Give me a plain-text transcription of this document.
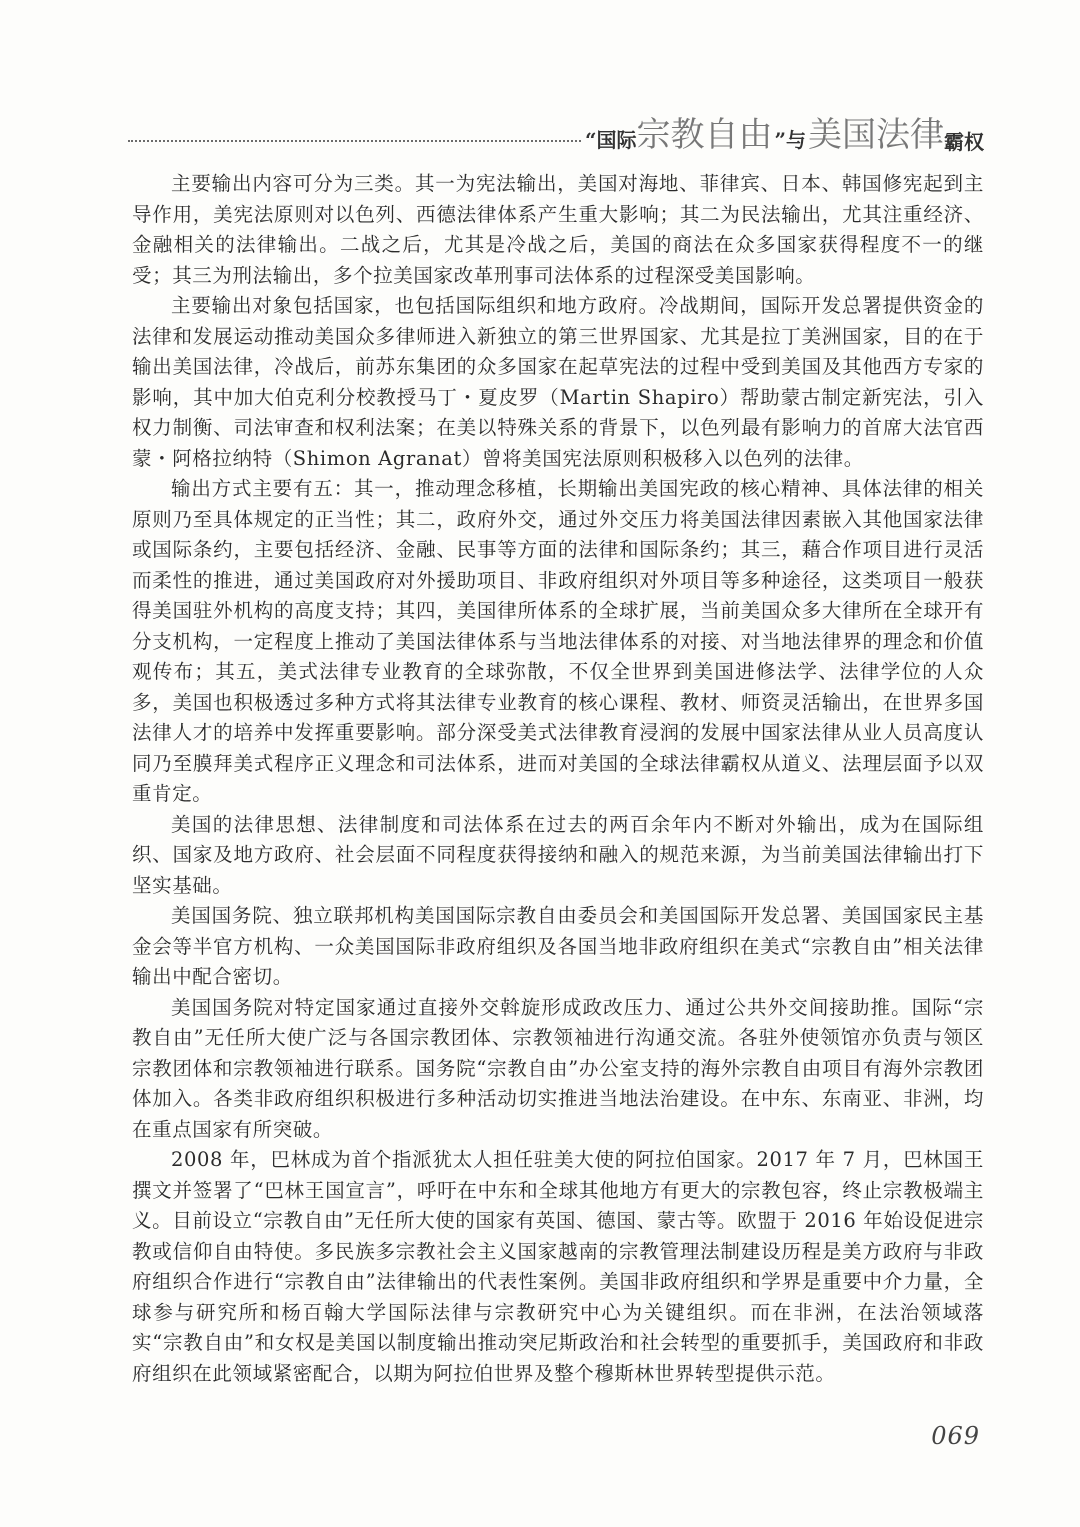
“国际 宗教自由 ”与 美国法律 霸权

主要输出内容可分为三类。其一为宪法输出，美国对海地、菲律宾、日本、韩国修宪起到主导作用，美宪法原则对以色列、西德法律体系产生重大影响；其二为民法输出，尤其注重经济、金融相关的法律输出。二战之后，尤其是冷战之后，美国的商法在众多国家获得程度不一的继受；其三为刑法输出，多个拉美国家改革刑事司法体系的过程深受美国影响。

主要输出对象包括国家，也包括国际组织和地方政府。冷战期间，国际开发总署提供资金的法律和发展运动推动美国众多律师进入新独立的第三世界国家、尤其是拉丁美洲国家，目的在于输出美国法律，冷战后，前苏东集团的众多国家在起草宪法的过程中受到美国及其他西方专家的影响，其中加大伯克利分校教授马丁・夏皮罗（Martin Shapiro）帮助蒙古制定新宪法，引入权力制衡、司法审查和权利法案；在美以特殊关系的背景下，以色列最有影响力的首席大法官西蒙・阿格拉纳特（Shimon Agranat）曾将美国宪法原则积极移入以色列的法律。

输出方式主要有五：其一，推动理念移植，长期输出美国宪政的核心精神、具体法律的相关原则乃至具体规定的正当性；其二，政府外交，通过外交压力将美国法律因素嵌入其他国家法律或国际条约，主要包括经济、金融、民事等方面的法律和国际条约；其三，藉合作项目进行灵活而柔性的推进，通过美国政府对外援助项目、非政府组织对外项目等多种途径，这类项目一般获得美国驻外机构的高度支持；其四，美国律所体系的全球扩展，当前美国众多大律所在全球开有分支机构，一定程度上推动了美国法律体系与当地法律体系的对接、对当地法律界的理念和价值观传布；其五，美式法律专业教育的全球弥散，不仅全世界到美国进修法学、法律学位的人众多，美国也积极透过多种方式将其法律专业教育的核心课程、教材、师资灵活输出，在世界多国法律人才的培养中发挥重要影响。部分深受美式法律教育浸润的发展中国家法律从业人员高度认同乃至膜拜美式程序正义理念和司法体系，进而对美国的全球法律霸权从道义、法理层面予以双重肯定。

美国的法律思想、法律制度和司法体系在过去的两百余年内不断对外输出，成为在国际组织、国家及地方政府、社会层面不同程度获得接纳和融入的规范来源，为当前美国法律输出打下坚实基础。

美国国务院、独立联邦机构美国国际宗教自由委员会和美国国际开发总署、美国国家民主基金会等半官方机构、一众美国国际非政府组织及各国当地非政府组织在美式“宗教自由”相关法律输出中配合密切。

美国国务院对特定国家通过直接外交斡旋形成政改压力、通过公共外交间接助推。国际“宗教自由”无任所大使广泛与各国宗教团体、宗教领袖进行沟通交流。各驻外使领馆亦负责与领区宗教团体和宗教领袖进行联系。国务院“宗教自由”办公室支持的海外宗教自由项目有海外宗教团体加入。各类非政府组织积极进行多种活动切实推进当地法治建设。在中东、东南亚、非洲，均在重点国家有所突破。

2008 年，巴林成为首个指派犹太人担任驻美大使的阿拉伯国家。2017 年 7 月，巴林国王撰文并签署了“巴林王国宣言”，呼吁在中东和全球其他地方有更大的宗教包容，终止宗教极端主义。目前设立“宗教自由”无任所大使的国家有英国、德国、蒙古等。欧盟于 2016 年始设促进宗教或信仰自由特使。多民族多宗教社会主义国家越南的宗教管理法制建设历程是美方政府与非政府组织合作进行“宗教自由”法律输出的代表性案例。美国非政府组织和学界是重要中介力量，全球参与研究所和杨百翰大学国际法律与宗教研究中心为关键组织。而在非洲，在法治领域落实“宗教自由”和女权是美国以制度输出推动突尼斯政治和社会转型的重要抓手，美国政府和非政府组织在此领域紧密配合，以期为阿拉伯世界及整个穆斯林世界转型提供示范。

069
